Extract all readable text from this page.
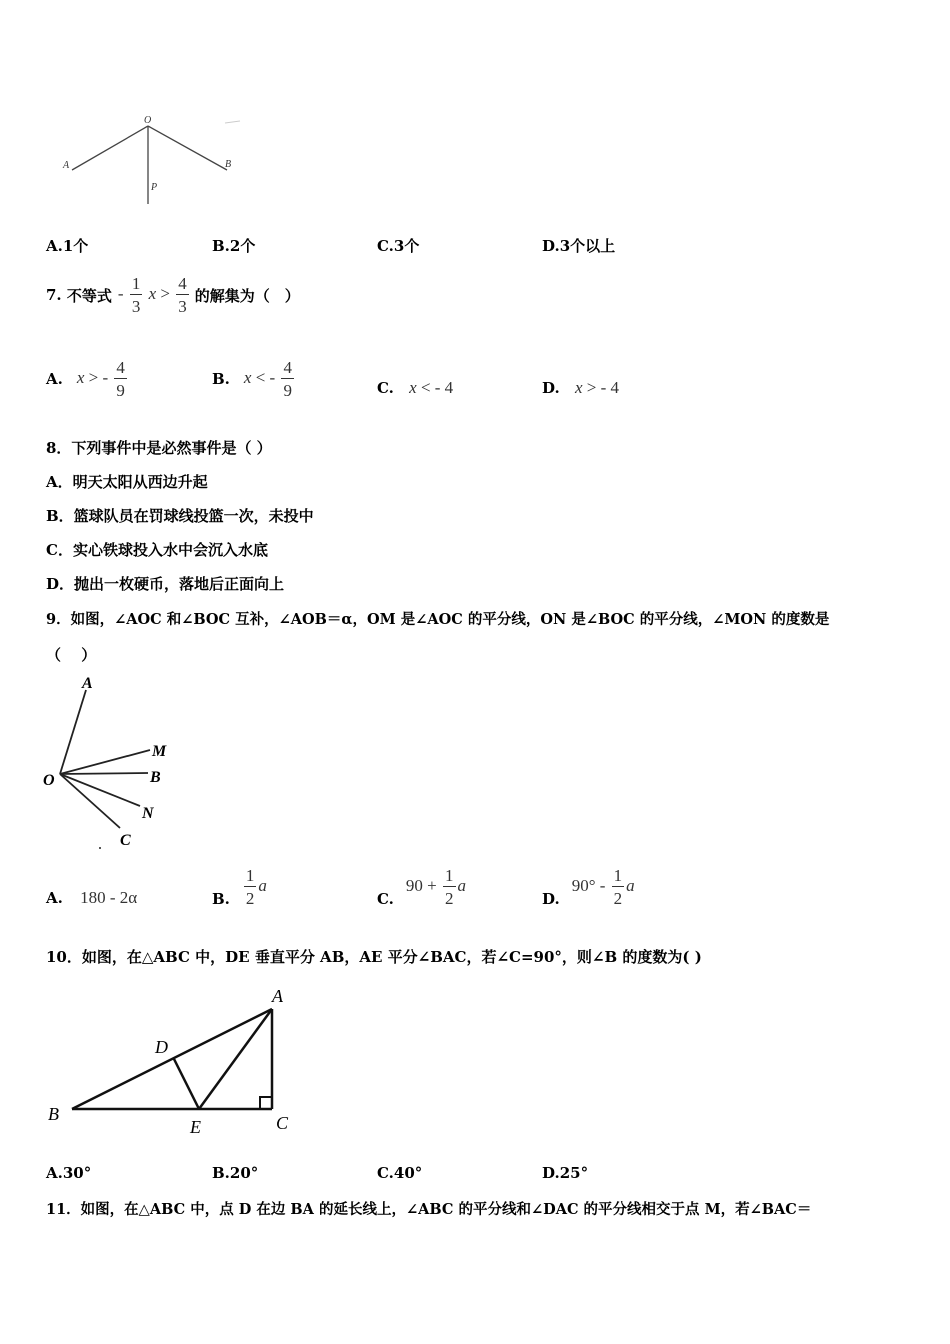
O
A	B
P
A.1个	B.2个	C.3个	D.3个以上
7.
不等式 - $\frac{1}{3}$ $x > \frac{4}{3}$ 的解集为（　）
A. x > - $\frac{4}{9}$	B. x < - $\frac{4}{9}$	C. x < - 4	D. x > - 4
8．下列事件中是必然事件是（ ）
A．明天太阳从西边升起
B．篮球队员在罚球线投篮一次，未投中
C．实心铁球投入水中会沉入水底
D．抛出一枚硬币，落地后正面向上
9．如图，∠AOC 和∠BOC 互补，∠AOB＝α，OM 是∠AOC 的平分线，ON 是∠BOC 的平分线，∠MON 的度数是
（　 ）
A
M
O	B
N
C
A. 180 - 2α	B. $\frac{1}{2}$ a
C.
$90 + \frac{1}{2}$ a
D.
$90^\circ - \frac{1}{2}$ a
10．如图，在△ABC 中，DE 垂直平分 AB，AE 平分∠BAC，若∠C=90°，则∠B 的度数为( )
A
D
B
E	C
A.30°	B.20°	C.40°	D.25°
11．如图，在△ABC 中，点 D 在边 BA 的延长线上，∠ABC 的平分线和∠DAC 的平分线相交于点 M，若∠BAC＝
